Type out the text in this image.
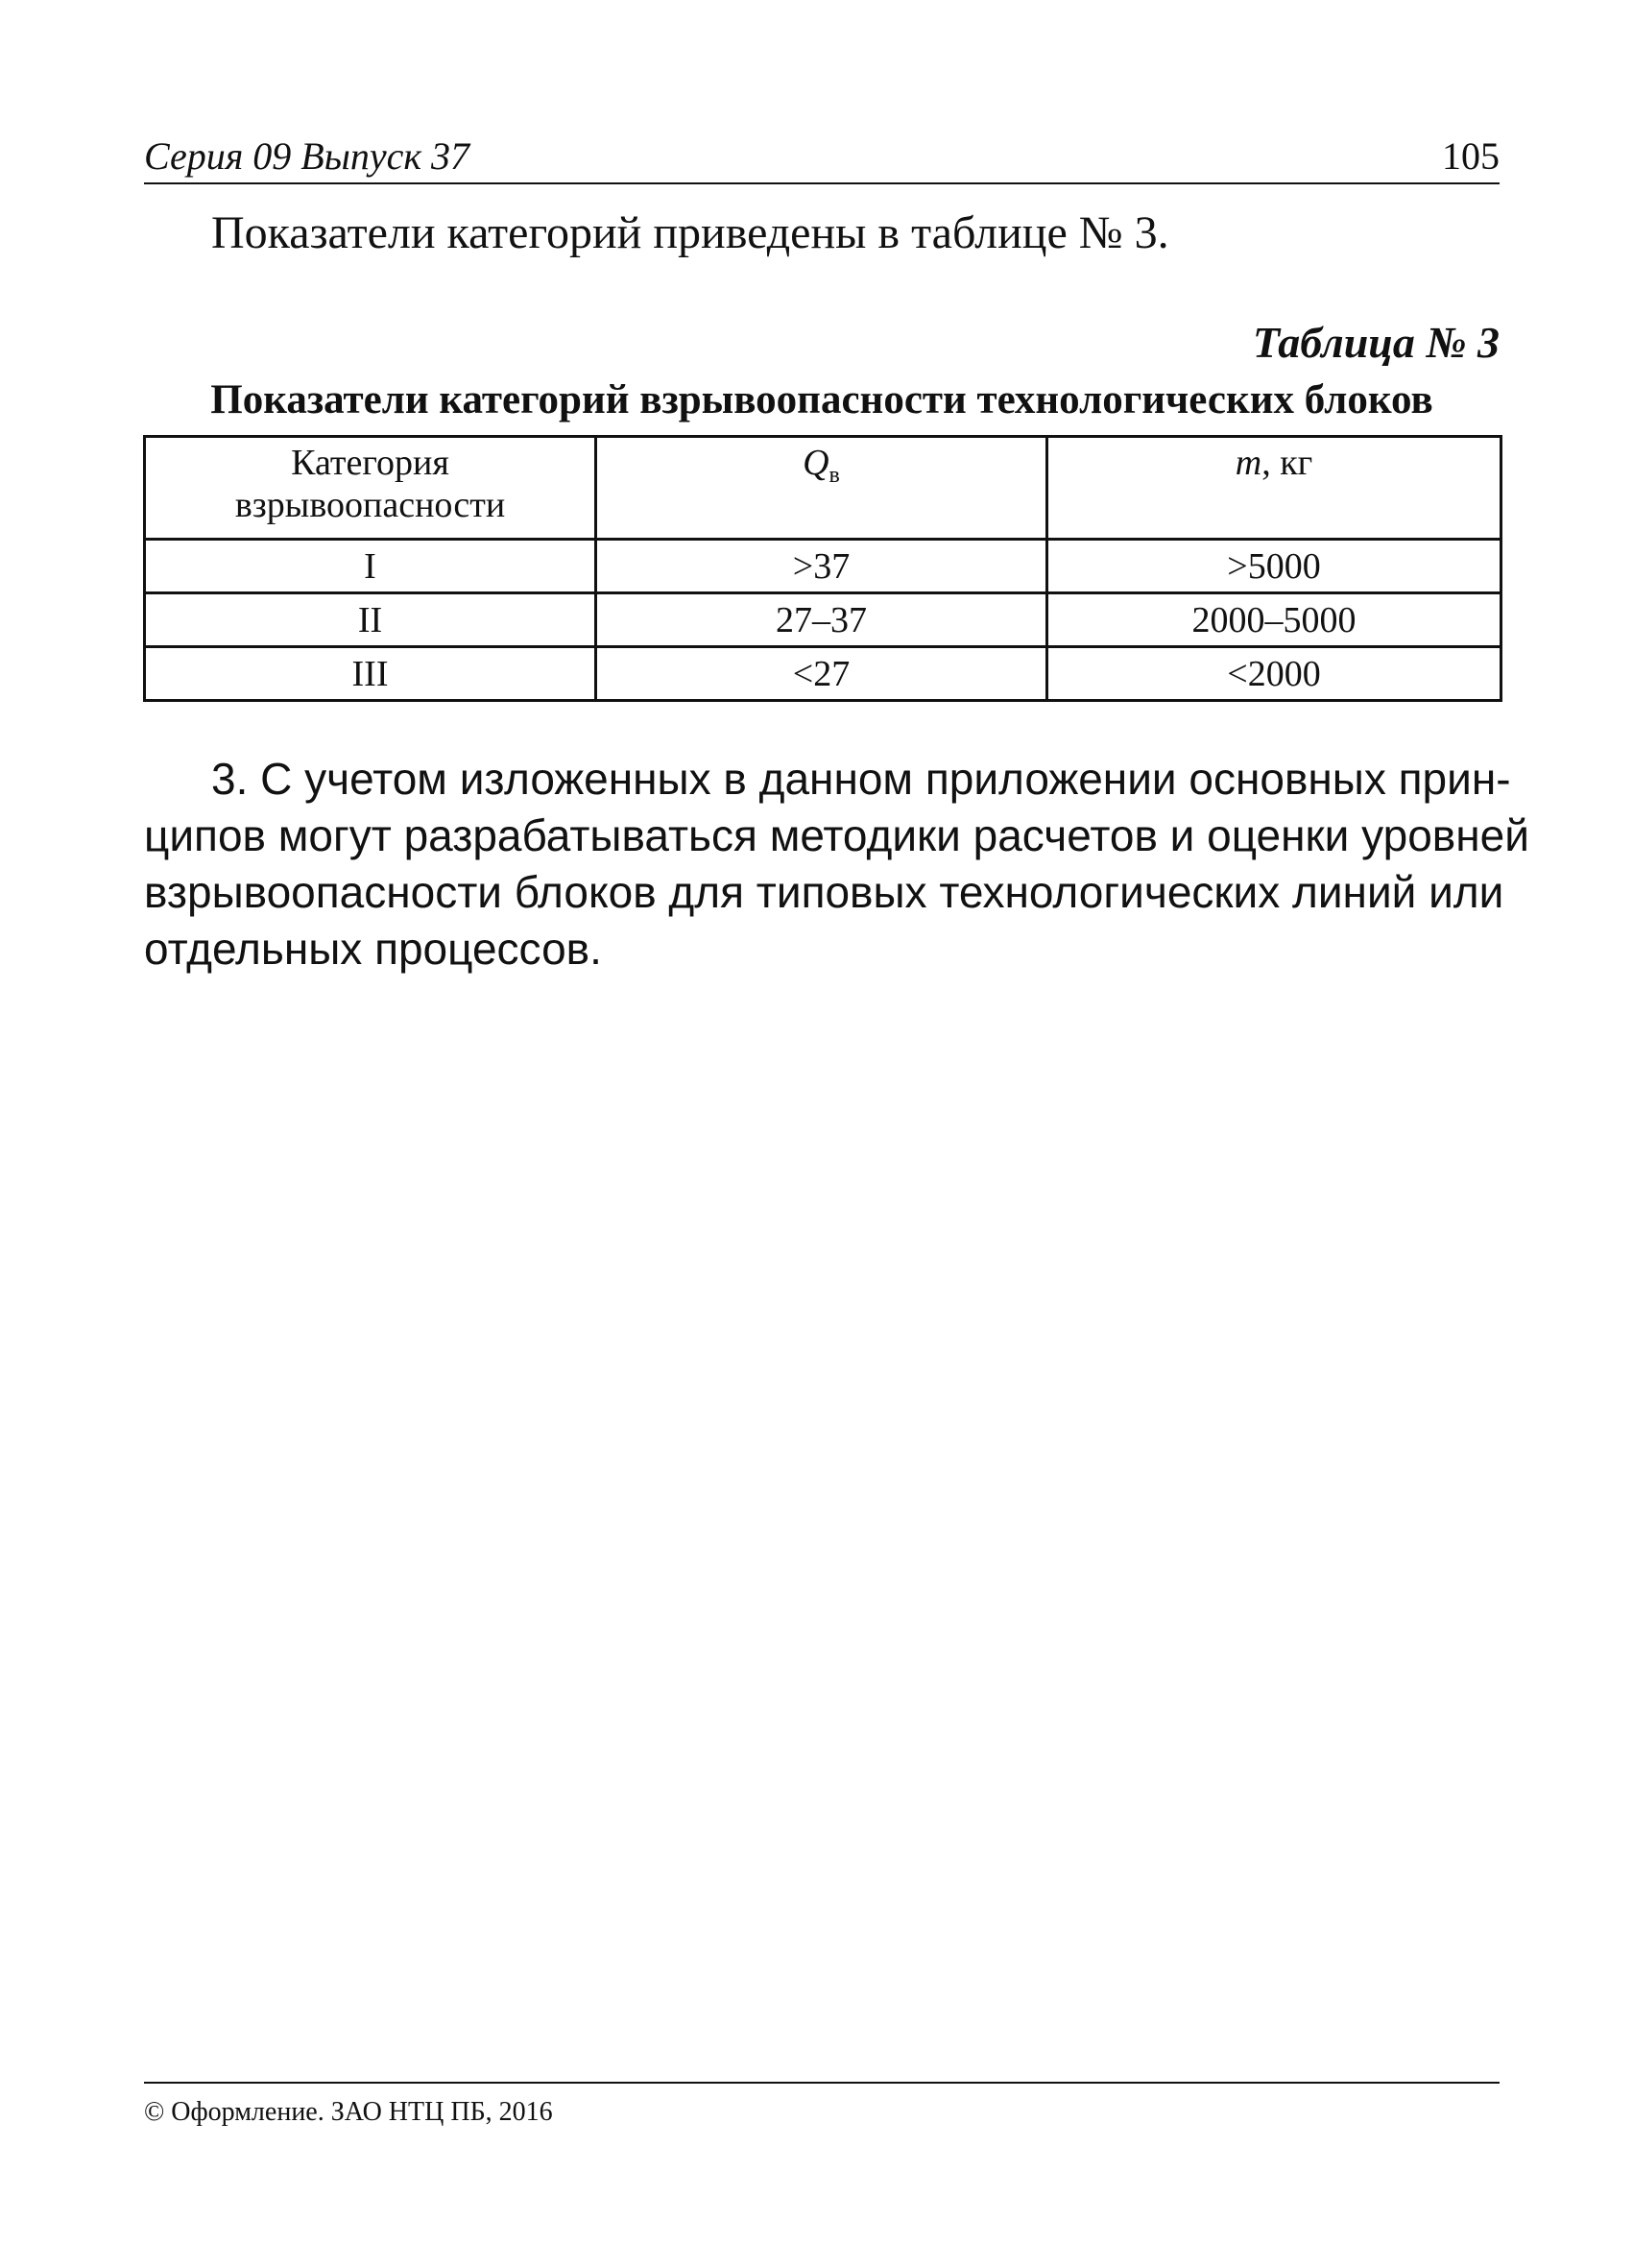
Серия 09 Выпуск 37	105
Показатели категорий приведены в таблице № 3.
Таблица № 3
Показатели категорий взрывоопасности технологических блоков
Категория
взрывоопасности	$Q_в$	m, кг
I	>37	>5000
II	27–37	2000–5000
III	<27	<2000
3. С учетом изложенных в данном приложении основных прин-
ципов могут разрабатываться методики расчетов и оценки уровней
взрывоопасности блоков для типовых технологических линий или
отдельных процессов.
© Оформление. ЗАО НТЦ ПБ, 2016
